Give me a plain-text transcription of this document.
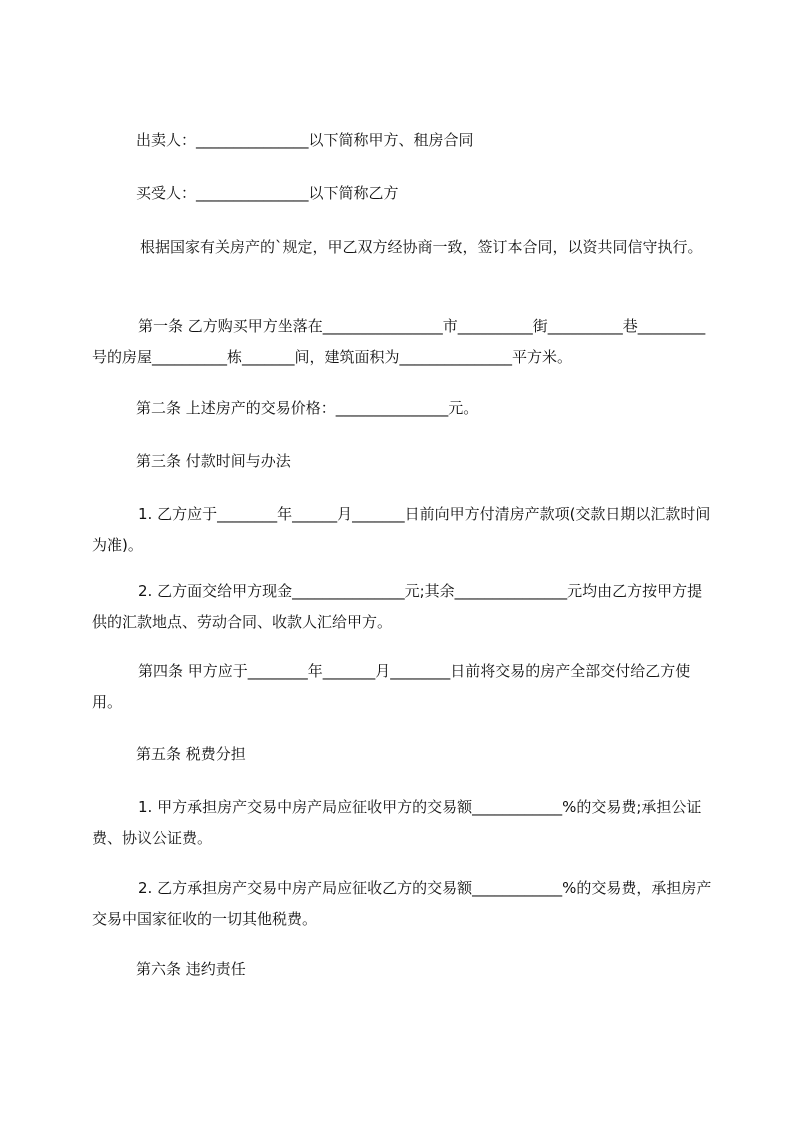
出卖人：_______________以下简称甲方、租房合同

买受人：_______________以下简称乙方

根据国家有关房产的`规定，甲乙双方经协商一致，签订本合同，以资共同信守执行。

第一条 乙方购买甲方坐落在________________市__________街__________巷_________号的房屋__________栋_______间，建筑面积为_______________平方米。

第二条 上述房产的交易价格：_______________元。

第三条 付款时间与办法

1. 乙方应于________年______月_______日前向甲方付清房产款项(交款日期以汇款时间为准)。

2. 乙方面交给甲方现金_______________元;其余_______________元均由乙方按甲方提供的汇款地点、劳动合同、收款人汇给甲方。

第四条 甲方应于________年_______月________日前将交易的房产全部交付给乙方使用。

第五条 税费分担

1. 甲方承担房产交易中房产局应征收甲方的交易额____________%的交易费;承担公证费、协议公证费。

2. 乙方承担房产交易中房产局应征收乙方的交易额____________%的交易费，承担房产交易中国家征收的一切其他税费。

第六条 违约责任
